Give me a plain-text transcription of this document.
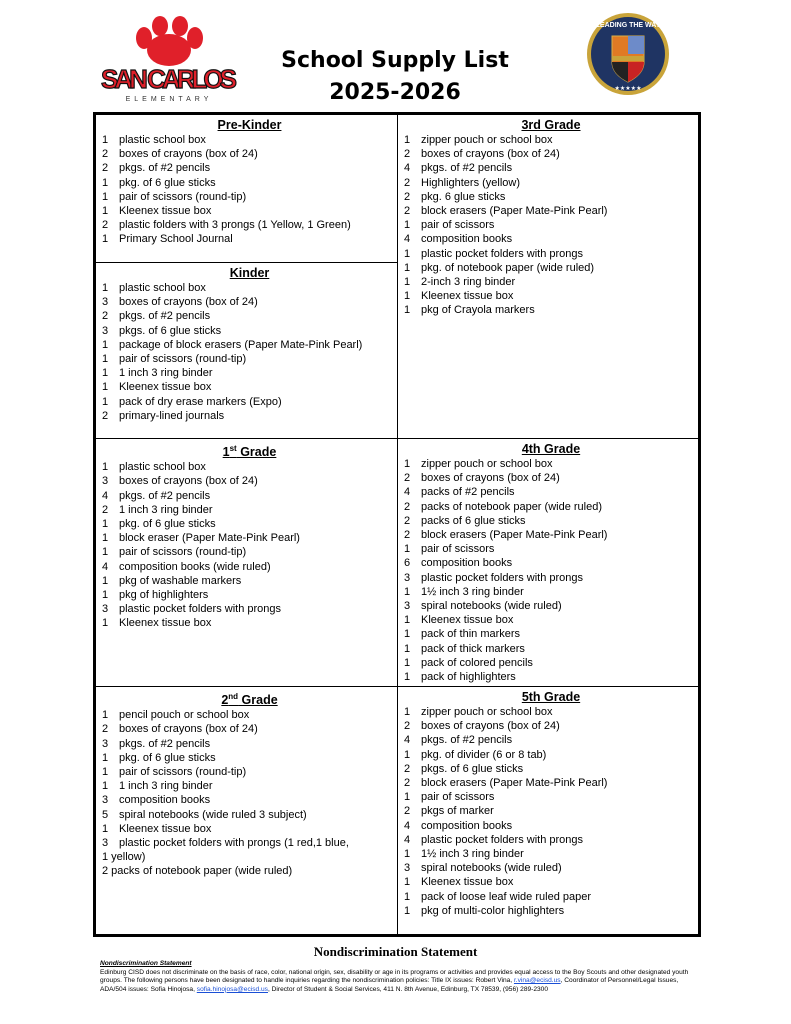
SAN CARLOS
ELEMENTARY
LEADING THE WAY
★★★★★
School Supply List
2025-2026
Pre-Kinder
1 plastic school box
2 boxes of crayons (box of 24)
2 pkgs. of #2 pencils
1 pkg. of 6 glue sticks
1 pair of scissors (round-tip)
1 Kleenex tissue box
2 plastic folders with 3 prongs (1 Yellow, 1 Green)
1 Primary School Journal
Kinder
1 plastic school box
3 boxes of crayons (box of 24)
2 pkgs. of #2 pencils
3 pkgs. of 6 glue sticks
1 package of block erasers (Paper Mate-Pink Pearl)
1 pair of scissors (round-tip)
1 1 inch 3 ring binder
1 Kleenex tissue box
1 pack of dry erase markers (Expo)
2 primary-lined journals
3rd Grade
1 zipper pouch or school box
2 boxes of crayons (box of 24)
4 pkgs. of #2 pencils
2 Highlighters (yellow)
2 pkg. 6 glue sticks
2 block erasers (Paper Mate-Pink Pearl)
1 pair of scissors
4 composition books
1 plastic pocket folders with prongs
1 pkg. of notebook paper (wide ruled)
1 2-inch 3 ring binder
1 Kleenex tissue box
1 pkg of Crayola markers
1st Grade
1 plastic school box
3 boxes of crayons (box of 24)
4 pkgs. of #2 pencils
2 1 inch 3 ring binder
1 pkg. of 6 glue sticks
1 block eraser (Paper Mate-Pink Pearl)
1 pair of scissors (round-tip)
4 composition books (wide ruled)
1 pkg of washable markers
1 pkg of highlighters
3 plastic pocket folders with prongs
1 Kleenex tissue box
4th Grade
1 zipper pouch or school box
2 boxes of crayons (box of 24)
4 packs of #2 pencils
2 packs of notebook paper (wide ruled)
2 packs of 6 glue sticks
2 block erasers (Paper Mate-Pink Pearl)
1 pair of scissors
6 composition books
3 plastic pocket folders with prongs
1 1½ inch 3 ring binder
3 spiral notebooks (wide ruled)
1 Kleenex tissue box
1 pack of thin markers
1 pack of thick markers
1 pack of colored pencils
1 pack of highlighters
2nd Grade
1 pencil pouch or school box
2 boxes of crayons (box of 24)
3 pkgs. of #2 pencils
1 pkg. of 6 glue sticks
1 pair of scissors (round-tip)
1 1 inch 3 ring binder
3 composition books
5 spiral notebooks (wide ruled 3 subject)
1 Kleenex tissue box
3 plastic pocket folders with prongs (1 red,1 blue,
1 yellow)
2 packs of notebook paper (wide ruled)
5th Grade
1 zipper pouch or school box
2 boxes of crayons (box of 24)
4 pkgs. of #2 pencils
1 pkg. of divider (6 or 8 tab)
2 pkgs. of 6 glue sticks
2 block erasers (Paper Mate-Pink Pearl)
1 pair of scissors
2 pkgs of marker
4 composition books
4 plastic pocket folders with prongs
1 1½ inch 3 ring binder
3 spiral notebooks (wide ruled)
1 Kleenex tissue box
1 pack of loose leaf wide ruled paper
1 pkg of multi-color highlighters
Nondiscrimination Statement
Nondiscrimination Statement
Edinburg CISD does not discriminate on the basis of race, color, national origin, sex, disability or age in its programs or activities and provides equal access to the Boy Scouts and other designated youth groups. The following persons have been designated to handle inquiries regarding the nondiscrimination policies: Title IX issues: Robert Vina, r.vina@ecisd.us, Coordinator of Personnel/Legal Issues, ADA/504 issues: Sofia Hinojosa, sofia.hinojosa@ecisd.us, Director of Student & Social Services, 411 N. 8th Avenue, Edinburg, TX 78539, (956) 289-2300
